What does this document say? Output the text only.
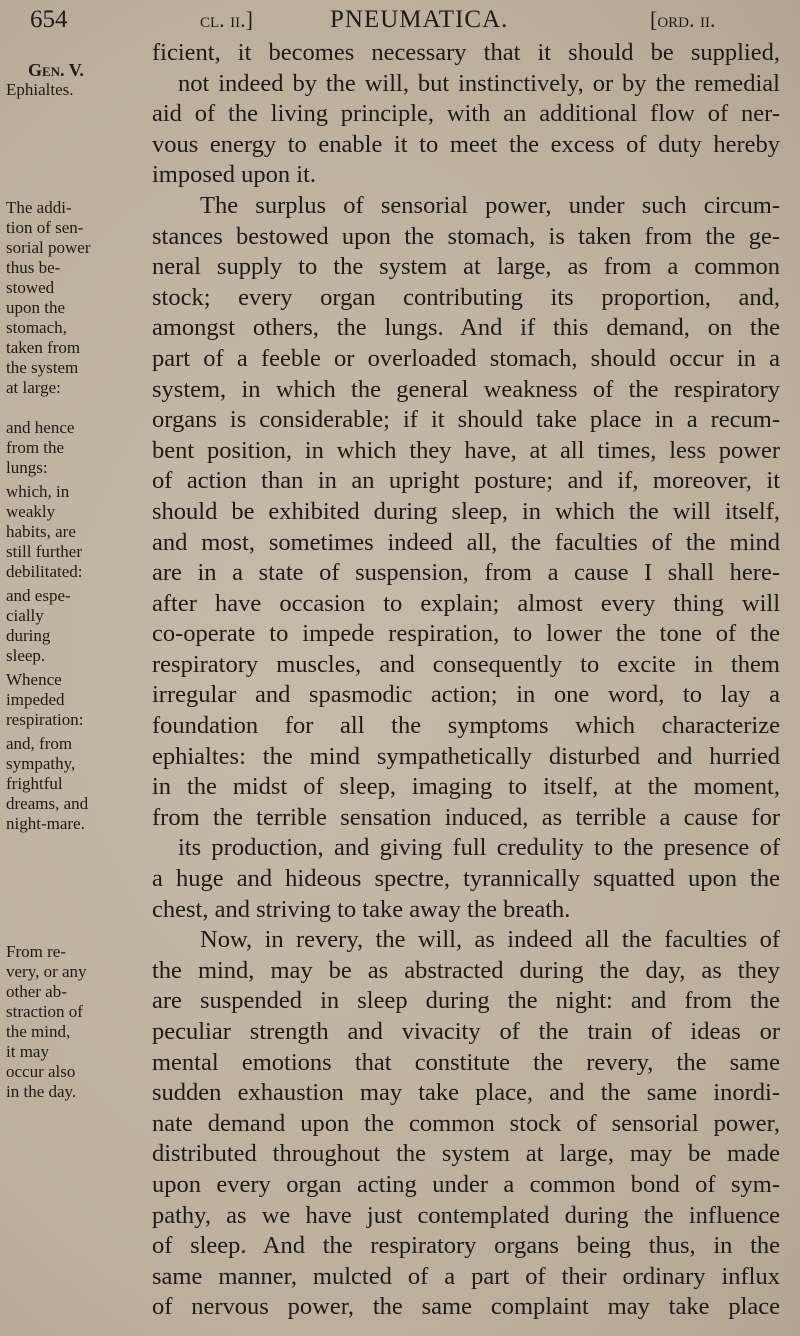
654	cl. ii.]	PNEUMATICA.	[ord. ii.
Gen. V.
Ephialtes.
The addi-
tion of sen-
sorial power
thus be-
stowed
upon the
stomach,
taken from
the system
at large:
and hence
from the
lungs:
which, in
weakly
habits, are
still further
debilitated:
and espe-
cially
during
sleep.
Whence
impeded
respiration:
and, from
sympathy,
frightful
dreams, and
night-mare.
From re-
very, or any
other ab-
straction of
the mind,
it may
occur also
in the day.
ficient, it becomes necessary that it should be supplied,
not indeed by the will, but instinctively, or by the remedial
aid of the living principle, with an additional flow of ner-
vous energy to enable it to meet the excess of duty hereby
imposed upon it.
The surplus of sensorial power, under such circum-
stances bestowed upon the stomach, is taken from the ge-
neral supply to the system at large, as from a common
stock; every organ contributing its proportion, and,
amongst others, the lungs. And if this demand, on the
part of a feeble or overloaded stomach, should occur in a
system, in which the general weakness of the respiratory
organs is considerable; if it should take place in a recum-
bent position, in which they have, at all times, less power
of action than in an upright posture; and if, moreover, it
should be exhibited during sleep, in which the will itself,
and most, sometimes indeed all, the faculties of the mind
are in a state of suspension, from a cause I shall here-
after have occasion to explain; almost every thing will
co-operate to impede respiration, to lower the tone of the
respiratory muscles, and consequently to excite in them
irregular and spasmodic action; in one word, to lay a
foundation for all the symptoms which characterize
ephialtes: the mind sympathetically disturbed and hurried
in the midst of sleep, imaging to itself, at the moment,
from the terrible sensation induced, as terrible a cause for
its production, and giving full credulity to the presence of
a huge and hideous spectre, tyrannically squatted upon the
chest, and striving to take away the breath.
Now, in revery, the will, as indeed all the faculties of
the mind, may be as abstracted during the day, as they
are suspended in sleep during the night: and from the
peculiar strength and vivacity of the train of ideas or
mental emotions that constitute the revery, the same
sudden exhaustion may take place, and the same inordi-
nate demand upon the common stock of sensorial power,
distributed throughout the system at large, may be made
upon every organ acting under a common bond of sym-
pathy, as we have just contemplated during the influence
of sleep. And the respiratory organs being thus, in the
same manner, mulcted of a part of their ordinary influx
of nervous power, the same complaint may take place
